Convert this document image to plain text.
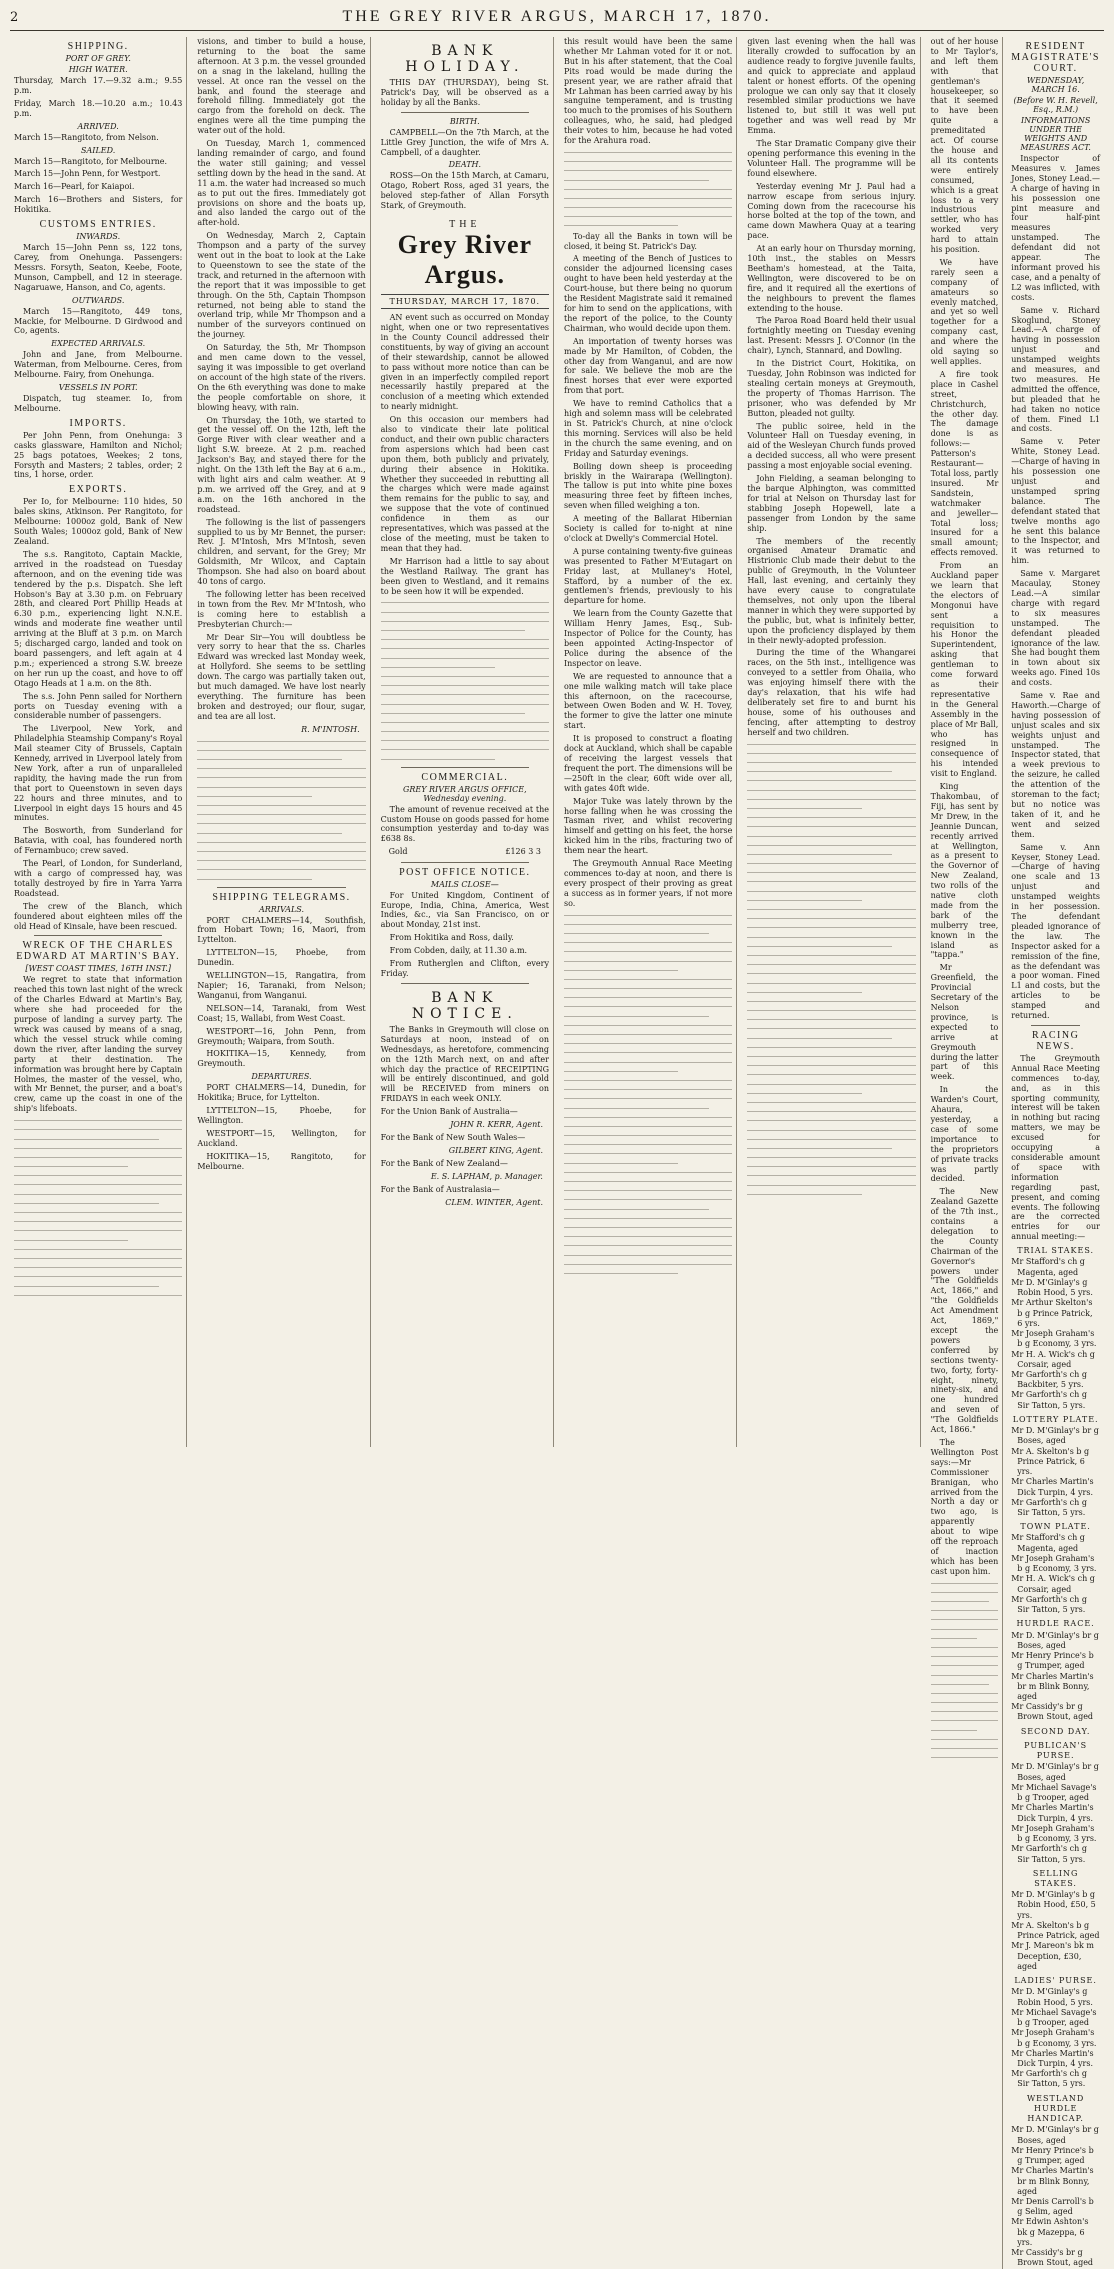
2	THE GREY RIVER ARGUS, MARCH 17, 1870.
SHIPPING.
PORT OF GREY.
HIGH WATER.

Thursday, March 17.—9.32 a.m.; 9.55 p.m.

Friday, March 18.—10.20 a.m.; 10.43 p.m.

ARRIVED.

March 15—Rangitoto, from Nelson.

SAILED.

March 15—Rangitoto, for Melbourne.

March 15—John Penn, for Westport.

March 16—Pearl, for Kaiapoi.

March 16—Brothers and Sisters, for Hokitika.

CUSTOMS ENTRIES.
INWARDS.

March 15—John Penn ss, 122 tons, Carey, from Onehunga. Passengers: Messrs. Forsyth, Seaton, Keebe, Foote, Munson, Campbell, and 12 in steerage. Nagaruawe, Hanson, and Co, agents.

OUTWARDS.

March 15—Rangitoto, 449 tons, Mackie, for Melbourne. D Girdwood and Co, agents.

EXPECTED ARRIVALS.

John and Jane, from Melbourne. Waterman, from Melbourne. Ceres, from Melbourne. Fairy, from Onehunga.

VESSELS IN PORT.

Dispatch, tug steamer. Io, from Melbourne.

IMPORTS.

Per John Penn, from Onehunga: 3 casks glassware, Hamilton and Nichol; 25 bags potatoes, Weekes; 2 tons, Forsyth and Masters; 2 tables, order; 2 tins, 1 horse, order.

EXPORTS.

Per Io, for Melbourne: 110 hides, 50 bales skins, Atkinson. Per Rangitoto, for Melbourne: 1000oz gold, Bank of New South Wales; 1000oz gold, Bank of New Zealand.

The s.s. Rangitoto, Captain Mackie, arrived in the roadstead on Tuesday afternoon, and on the evening tide was tendered by the p.s. Dispatch. She left Hobson's Bay at 3.30 p.m. on February 28th, and cleared Port Phillip Heads at 6.30 p.m., experiencing light N.N.E. winds and moderate fine weather until arriving at the Bluff at 3 p.m. on March 5; discharged cargo, landed and took on board passengers, and left again at 4 p.m.; experienced a strong S.W. breeze on her run up the coast, and hove to off Otago Heads at 1 a.m. on the 8th.

The s.s. John Penn sailed for Northern ports on Tuesday evening with a considerable number of passengers.

The Liverpool, New York, and Philadelphia Steamship Company's Royal Mail steamer City of Brussels, Captain Kennedy, arrived in Liverpool lately from New York, after a run of unparalleled rapidity, the having made the run from that port to Queenstown in seven days 22 hours and three minutes, and to Liverpool in eight days 15 hours and 45 minutes.

The Bosworth, from Sunderland for Batavia, with coal, has foundered north of Fernambuco; crew saved.

The Pearl, of London, for Sunderland, with a cargo of compressed hay, was totally destroyed by fire in Yarra Yarra Roadstead.

The crew of the Blanch, which foundered about eighteen miles off the old Head of Kinsale, have been rescued.

WRECK OF THE CHARLES EDWARD AT MARTIN'S BAY.
[WEST COAST TIMES, 16TH INST.]

We regret to state that information reached this town last night of the wreck of the Charles Edward at Martin's Bay, where she had proceeded for the purpose of landing a survey party. The wreck was caused by means of a snag, which the vessel struck while coming down the river, after landing the survey party at their destination. The information was brought here by Captain Holmes, the master of the vessel, who, with Mr Bennet, the purser, and a boat's crew, came up the coast in one of the ship's lifeboats.

visions, and timber to build a house, returning to the boat the same afternoon. At 3 p.m. the vessel grounded on a snag in the lakeland, hulling the vessel. At once ran the vessel on the bank, and found the steerage and forehold filling. Immediately got the cargo from the forehold on deck. The engines were all the time pumping the water out of the hold.

On Tuesday, March 1, commenced landing remainder of cargo, and found the water still gaining; and vessel settling down by the head in the sand. At 11 a.m. the water had increased so much as to put out the fires. Immediately got provisions on shore and the boats up, and also landed the cargo out of the after-hold.

On Wednesday, March 2, Captain Thompson and a party of the survey went out in the boat to look at the Lake to Queenstown to see the state of the track, and returned in the afternoon with the report that it was impossible to get through. On the 5th, Captain Thompson returned, not being able to stand the overland trip, while Mr Thompson and a number of the surveyors continued on the journey.

On Saturday, the 5th, Mr Thompson and men came down to the vessel, saying it was impossible to get overland on account of the high state of the rivers. On the 6th everything was done to make the people comfortable on shore, it blowing heavy, with rain.

On Thursday, the 10th, we started to get the vessel off. On the 12th, left the Gorge River with clear weather and a light S.W. breeze. At 2 p.m. reached Jackson's Bay, and stayed there for the night. On the 13th left the Bay at 6 a.m., with light airs and calm weather. At 9 p.m. we arrived off the Grey, and at 9 a.m. on the 16th anchored in the roadstead.

The following is the list of passengers supplied to us by Mr Bennet, the purser: Rev. J. M'Intosh, Mrs M'Intosh, seven children, and servant, for the Grey; Mr Goldsmith, Mr Wilcox, and Captain Thompson. She had also on board about 40 tons of cargo.

The following letter has been received in town from the Rev. Mr M'Intosh, who is coming here to establish a Presbyterian Church:—

Mr Dear Sir—You will doubtless be very sorry to hear that the ss. Charles Edward was wrecked last Monday week, at Hollyford. She seems to be settling down. The cargo was partially taken out, but much damaged. We have lost nearly everything. The furniture has been broken and destroyed; our flour, sugar, and tea are all lost.

R. M'INTOSH.
SHIPPING TELEGRAMS.
ARRIVALS.

PORT CHALMERS—14, Southfish, from Hobart Town; 16, Maori, from Lyttelton.

LYTTELTON—15, Phoebe, from Dunedin.

WELLINGTON—15, Rangatira, from Napier; 16, Taranaki, from Nelson; Wanganui, from Wanganui.

NELSON—14, Taranaki, from West Coast; 15, Wallabi, from West Coast.

WESTPORT—16, John Penn, from Greymouth; Waipara, from South.

HOKITIKA—15, Kennedy, from Greymouth.

DEPARTURES.

PORT CHALMERS—14, Dunedin, for Hokitika; Bruce, for Lyttelton.

LYTTELTON—15, Phoebe, for Wellington.

WESTPORT—15, Wellington, for Auckland.

HOKITIKA—15, Rangitoto, for Melbourne.

BANK HOLIDAY.

THIS DAY (THURSDAY), being St. Patrick's Day, will be observed as a holiday by all the Banks.

BIRTH.

CAMPBELL—On the 7th March, at the Little Grey Junction, the wife of Mrs A. Campbell, of a daughter.

DEATH.

ROSS—On the 15th March, at Camaru, Otago, Robert Ross, aged 31 years, the beloved step-father of Allan Forsyth Stark, of Greymouth.

THE
Grey River Argus.
THURSDAY, MARCH 17, 1870.

AN event such as occurred on Monday night, when one or two representatives in the County Council addressed their constituents, by way of giving an account of their stewardship, cannot be allowed to pass without more notice than can be given in an imperfectly compiled report necessarily hastily prepared at the conclusion of a meeting which extended to nearly midnight.

On this occasion our members had also to vindicate their late political conduct, and their own public characters from aspersions which had been cast upon them, both publicly and privately, during their absence in Hokitika. Whether they succeeded in rebutting all the charges which were made against them remains for the public to say, and we suppose that the vote of continued confidence in them as our representatives, which was passed at the close of the meeting, must be taken to mean that they had.

Mr Harrison had a little to say about the Westland Railway. The grant has been given to Westland, and it remains to be seen how it will be expended.

COMMERCIAL.
GREY RIVER ARGUS OFFICE, Wednesday evening.

The amount of revenue received at the Custom House on goods passed for home consumption yesterday and to-day was £638 8s.

Gold	£126 3 3
POST OFFICE NOTICE.
MAILS CLOSE—

For United Kingdom, Continent of Europe, India, China, America, West Indies, &c., via San Francisco, on or about Monday, 21st inst.

From Hokitika and Ross, daily.

From Cobden, daily, at 11.30 a.m.

From Rutherglen and Clifton, every Friday.

BANK NOTICE.

The Banks in Greymouth will close on Saturdays at noon, instead of on Wednesdays, as heretofore, commencing on the 12th March next, on and after which day the practice of RECEIPTING will be entirely discontinued, and gold will be RECEIVED from miners on FRIDAYS in each week ONLY.

For the Union Bank of Australia—

JOHN R. KERR, Agent.

For the Bank of New South Wales—

GILBERT KING, Agent.

For the Bank of New Zealand—

E. S. LAPHAM, p. Manager.

For the Bank of Australasia—

CLEM. WINTER, Agent.

this result would have been the same whether Mr Lahman voted for it or not. But in his after statement, that the Coal Pits road would be made during the present year, we are rather afraid that Mr Lahman has been carried away by his sanguine temperament, and is trusting too much to the promises of his Southern colleagues, who, he said, had pledged their votes to him, because he had voted for the Arahura road.

To-day all the Banks in town will be closed, it being St. Patrick's Day.

A meeting of the Bench of Justices to consider the adjourned licensing cases ought to have been held yesterday at the Court-house, but there being no quorum the Resident Magistrate said it remained for him to send on the applications, with the report of the police, to the County Chairman, who would decide upon them.

An importation of twenty horses was made by Mr Hamilton, of Cobden, the other day from Wanganui, and are now for sale. We believe the mob are the finest horses that ever were exported from that port.

We have to remind Catholics that a high and solemn mass will be celebrated in St. Patrick's Church, at nine o'clock this morning. Services will also be held in the church the same evening, and on Friday and Saturday evenings.

Boiling down sheep is proceeding briskly in the Wairarapa (Wellington). The tallow is put into white pine boxes measuring three feet by fifteen inches, seven when filled weighing a ton.

A meeting of the Ballarat Hibernian Society is called for to-night at nine o'clock at Dwelly's Commercial Hotel.

A purse containing twenty-five guineas was presented to Father M'Eutagart on Friday last, at Mullaney's Hotel, Stafford, by a number of the ex. gentlemen's friends, previously to his departure for home.

We learn from the County Gazette that William Henry James, Esq., Sub-Inspector of Police for the County, has been appointed Acting-Inspector of Police during the absence of the Inspector on leave.

We are requested to announce that a one mile walking match will take place this afternoon, on the racecourse, between Owen Boden and W. H. Tovey, the former to give the latter one minute start.

It is proposed to construct a floating dock at Auckland, which shall be capable of receiving the largest vessels that frequent the port. The dimensions will be—250ft in the clear, 60ft wide over all, with gates 40ft wide.

Major Tuke was lately thrown by the horse falling when he was crossing the Tasman river, and whilst recovering himself and getting on his feet, the horse kicked him in the ribs, fracturing two of them near the heart.

The Greymouth Annual Race Meeting commences to-day at noon, and there is every prospect of their proving as great a success as in former years, if not more so.

given last evening when the hall was literally crowded to suffocation by an audience ready to forgive juvenile faults, and quick to appreciate and applaud talent or honest efforts. Of the opening prologue we can only say that it closely resembled similar productions we have listened to, but still it was well put together and was well read by Mr Emma.

The Star Dramatic Company give their opening performance this evening in the Volunteer Hall. The programme will be found elsewhere.

Yesterday evening Mr J. Paul had a narrow escape from serious injury. Coming down from the racecourse his horse bolted at the top of the town, and came down Mawhera Quay at a tearing pace.

At an early hour on Thursday morning, 10th inst., the stables on Messrs Beetham's homestead, at the Taita, Wellington, were discovered to be on fire, and it required all the exertions of the neighbours to prevent the flames extending to the house.

The Paroa Road Board held their usual fortnightly meeting on Tuesday evening last. Present: Messrs J. O'Connor (in the chair), Lynch, Stannard, and Dowling.

In the District Court, Hokitika, on Tuesday, John Robinson was indicted for stealing certain moneys at Greymouth, the property of Thomas Harrison. The prisoner, who was defended by Mr Button, pleaded not guilty.

The public soiree, held in the Volunteer Hall on Tuesday evening, in aid of the Wesleyan Church funds proved a decided success, all who were present passing a most enjoyable social evening.

John Fielding, a seaman belonging to the barque Alphington, was committed for trial at Nelson on Thursday last for stabbing Joseph Hopewell, late a passenger from London by the same ship.

The members of the recently organised Amateur Dramatic and Histrionic Club made their debut to the public of Greymouth, in the Volunteer Hall, last evening, and certainly they have every cause to congratulate themselves, not only upon the liberal manner in which they were supported by the public, but, what is infinitely better, upon the proficiency displayed by them in their newly-adopted profession.

During the time of the Whangarei races, on the 5th inst., intelligence was conveyed to a settler from Ohaiia, who was enjoying himself there with the day's relaxation, that his wife had deliberately set fire to and burnt his house, some of his outhouses and fencing, after attempting to destroy herself and two children.

out of her house to Mr Taylor's, and left them with that gentleman's housekeeper, so that it seemed to have been quite a premeditated act. Of course the house and all its contents were entirely consumed, which is a great loss to a very industrious settler, who has worked very hard to attain his position.

We have rarely seen a company of amateurs so evenly matched, and yet so well together for a company cast, and where the old saying so well applies.

A fire took place in Cashel street, Christchurch, the other day. The damage done is as follows:—Patterson's Restaurant—Total loss, partly insured. Mr Sandstein, watchmaker and jeweller—Total loss; insured for a small amount; effects removed.

From an Auckland paper we learn that the electors of Mongonui have sent a requisition to his Honor the Superintendent, asking that gentleman to come forward as their representative in the General Assembly in the place of Mr Ball, who has resigned in consequence of his intended visit to England.

King Thakombau, of Fiji, has sent by Mr Drew, in the Jeannie Duncan, recently arrived at Wellington, as a present to the Governor of New Zealand, two rolls of the native cloth made from the bark of the mulberry tree, known in the island as "tappa."

Mr Greenfield, the Provincial Secretary of the Nelson province, is expected to arrive at Greymouth during the latter part of this week.

In the Warden's Court, Ahaura, yesterday, a case of some importance to the proprietors of private tracks was partly decided.

The New Zealand Gazette of the 7th inst., contains a delegation to the County Chairman of the Governor's powers under "The Goldfields Act, 1866," and "the Goldfields Act Amendment Act, 1869," except the powers conferred by sections twenty-two, forty, forty-eight, ninety, ninety-six, and one hundred and seven of "The Goldfields Act, 1866."

The Wellington Post says:—Mr Commissioner Branigan, who arrived from the North a day or two ago, is apparently about to wipe off the reproach of inaction which has been cast upon him.

RESIDENT MAGISTRATE'S COURT.
WEDNESDAY, MARCH 16.
(Before W. H. Revell, Esq., R.M.)
INFORMATIONS UNDER THE WEIGHTS AND MEASURES ACT.

Inspector of Measures v. James Jones, Stoney Lead.—A charge of having in his possession one pint measure and four half-pint measures unstamped. The defendant did not appear. The informant proved his case, and a penalty of L2 was inflicted, with costs.

Same v. Richard Skoglund, Stoney Lead.—A charge of having in possession unjust and unstamped weights and measures, and two measures. He admitted the offence, but pleaded that he had taken no notice of them. Fined L1 and costs.

Same v. Peter White, Stoney Lead.—Charge of having in his possession one unjust and unstamped spring balance. The defendant stated that twelve months ago he sent this balance to the Inspector, and it was returned to him.

Same v. Margaret Macaulay, Stoney Lead.—A similar charge with regard to six measures unstamped. The defendant pleaded ignorance of the law. She had bought them in town about six weeks ago. Fined 10s and costs.

Same v. Rae and Haworth.—Charge of having possession of unjust scales and six weights unjust and unstamped. The Inspector stated, that a week previous to the seizure, he called the attention of the storeman to the fact; but no notice was taken of it, and he went and seized them.

Same v. Ann Keyser, Stoney Lead.—Charge of having one scale and 13 unjust and unstamped weights in her possession. The defendant pleaded ignorance of the law. The Inspector asked for a remission of the fine, as the defendant was a poor woman. Fined L1 and costs, but the articles to be stamped and returned.

RACING NEWS.

The Greymouth Annual Race Meeting commences to-day, and, as in this sporting community, interest will be taken in nothing but racing matters, we may be excused for occupying a considerable amount of space with information regarding past, present, and coming events. The following are the corrected entries for our annual meeting:—

TRIAL STAKES.

Mr Stafford's ch g Magenta, aged

Mr D. M'Ginlay's g Robin Hood, 5 yrs.

Mr Arthur Skelton's b g Prince Patrick, 6 yrs.

Mr Joseph Graham's b g Economy, 3 yrs.

Mr H. A. Wick's ch g Corsair, aged

Mr Garforth's ch g Backbiter, 5 yrs.

Mr Garforth's ch g Sir Tatton, 5 yrs.

LOTTERY PLATE.

Mr D. M'Ginlay's br g Boses, aged

Mr A. Skelton's b g Prince Patrick, 6 yrs.

Mr Charles Martin's Dick Turpin, 4 yrs.

Mr Garforth's ch g Sir Tatton, 5 yrs.

TOWN PLATE.

Mr Stafford's ch g Magenta, aged

Mr Joseph Graham's b g Economy, 3 yrs.

Mr H. A. Wick's ch g Corsair, aged

Mr Garforth's ch g Sir Tatton, 5 yrs.

HURDLE RACE.

Mr D. M'Ginlay's br g Boses, aged

Mr Henry Prince's b g Trumper, aged

Mr Charles Martin's br m Blink Bonny, aged

Mr Cassidy's br g Brown Stout, aged

SECOND DAY.
PUBLICAN'S PURSE.

Mr D. M'Ginlay's br g Boses, aged

Mr Michael Savage's b g Trooper, aged

Mr Charles Martin's Dick Turpin, 4 yrs.

Mr Joseph Graham's b g Economy, 3 yrs.

Mr Garforth's ch g Sir Tatton, 5 yrs.

SELLING STAKES.

Mr D. M'Ginlay's b g Robin Hood, £50, 5 yrs.

Mr A. Skelton's b g Prince Patrick, aged

Mr J. Mareon's bk m Deception, £30, aged

LADIES' PURSE.

Mr D. M'Ginlay's g Robin Hood, 5 yrs.

Mr Michael Savage's b g Trooper, aged

Mr Joseph Graham's b g Economy, 3 yrs.

Mr Charles Martin's Dick Turpin, 4 yrs.

Mr Garforth's ch g Sir Tatton, 5 yrs.

WESTLAND HURDLE HANDICAP.

Mr D. M'Ginlay's br g Boses, aged

Mr Henry Prince's b g Trumper, aged

Mr Charles Martin's br m Blink Bonny, aged

Mr Denis Carroll's b g Selim, aged

Mr Edwin Ashton's bk g Mazeppa, 6 yrs.

Mr Cassidy's br g Brown Stout, aged
